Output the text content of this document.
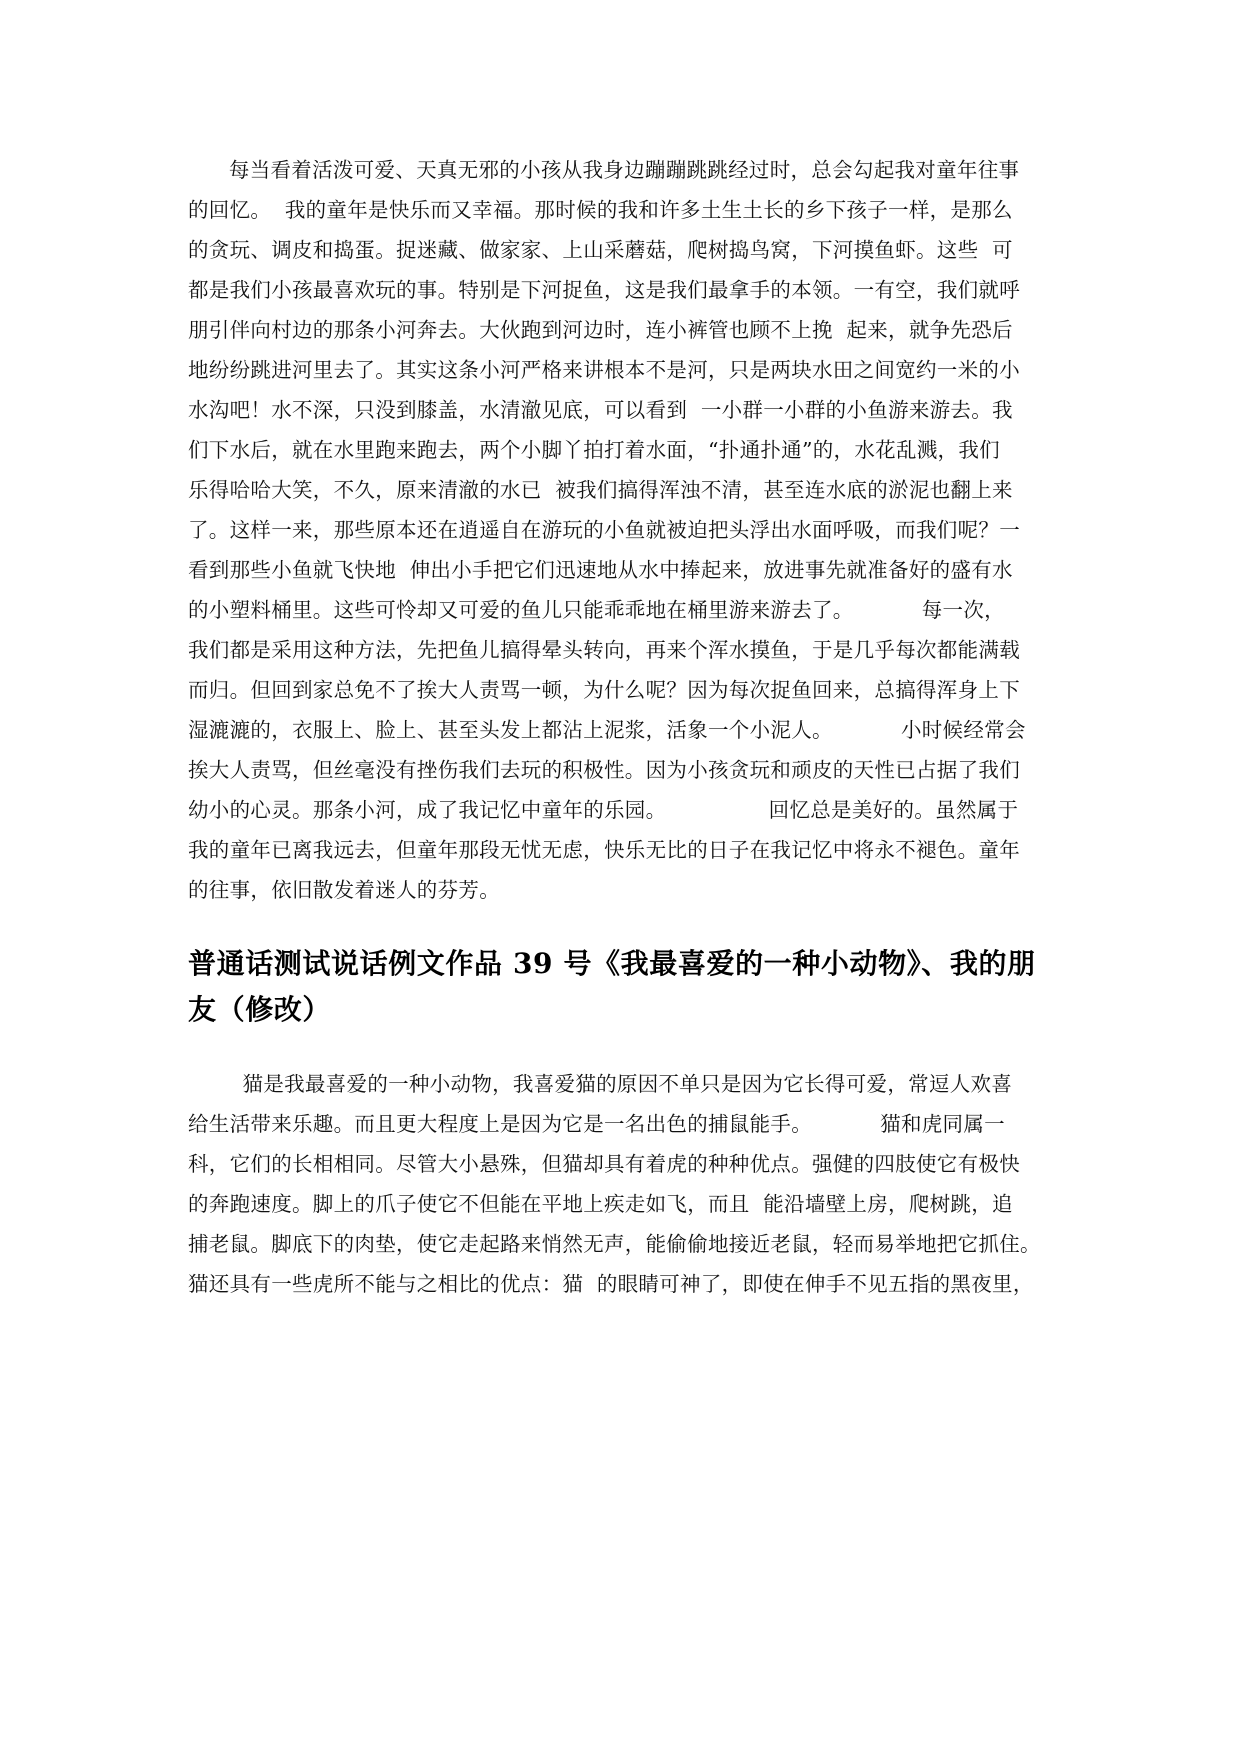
每当看着活泼可爱、天真无邪的小孩从我身边蹦蹦跳跳经过时，总会勾起我对童年往事
的回忆。  我的童年是快乐而又幸福。那时候的我和许多土生土长的乡下孩子一样，是那么
的贪玩、调皮和捣蛋。捉迷藏、做家家、上山采蘑菇，爬树捣鸟窝，下河摸鱼虾。这些  可
都是我们小孩最喜欢玩的事。特别是下河捉鱼，这是我们最拿手的本领。一有空，我们就呼
朋引伴向村边的那条小河奔去。大伙跑到河边时，连小裤管也顾不上挽  起来，就争先恐后
地纷纷跳进河里去了。其实这条小河严格来讲根本不是河，只是两块水田之间宽约一米的小
水沟吧！水不深，只没到膝盖，水清澈见底，可以看到  一小群一小群的小鱼游来游去。我
们下水后，就在水里跑来跑去，两个小脚丫拍打着水面，“扑通扑通”的，水花乱溅，我们
乐得哈哈大笑，不久，原来清澈的水已  被我们搞得浑浊不清，甚至连水底的淤泥也翻上来
了。这样一来，那些原本还在逍遥自在游玩的小鱼就被迫把头浮出水面呼吸，而我们呢？一
看到那些小鱼就飞快地  伸出小手把它们迅速地从水中捧起来，放进事先就准备好的盛有水
的小塑料桶里。这些可怜却又可爱的鱼儿只能乖乖地在桶里游来游去了。          每一次，
我们都是采用这种方法，先把鱼儿搞得晕头转向，再来个浑水摸鱼，于是几乎每次都能满载
而归。但回到家总免不了挨大人责骂一顿，为什么呢？因为每次捉鱼回来，总搞得浑身上下
湿漉漉的，衣服上、脸上、甚至头发上都沾上泥浆，活象一个小泥人。          小时候经常会
挨大人责骂，但丝毫没有挫伤我们去玩的积极性。因为小孩贪玩和顽皮的天性已占据了我们
幼小的心灵。那条小河，成了我记忆中童年的乐园。               回忆总是美好的。虽然属于
我的童年已离我远去，但童年那段无忧无虑，快乐无比的日子在我记忆中将永不褪色。童年
的往事，依旧散发着迷人的芬芳。
普通话测试说话例文作品 39 号《我最喜爱的一种小动物》、我的朋
友（修改）
猫是我最喜爱的一种小动物，我喜爱猫的原因不单只是因为它长得可爱，常逗人欢喜
给生活带来乐趣。而且更大程度上是因为它是一名出色的捕鼠能手。          猫和虎同属一
科，它们的长相相同。尽管大小悬殊，但猫却具有着虎的种种优点。强健的四肢使它有极快
的奔跑速度。脚上的爪子使它不但能在平地上疾走如飞，而且  能沿墙壁上房，爬树跳，追
捕老鼠。脚底下的肉垫，使它走起路来悄然无声，能偷偷地接近老鼠，轻而易举地把它抓住。
猫还具有一些虎所不能与之相比的优点：猫  的眼睛可神了，即使在伸手不见五指的黑夜里，
